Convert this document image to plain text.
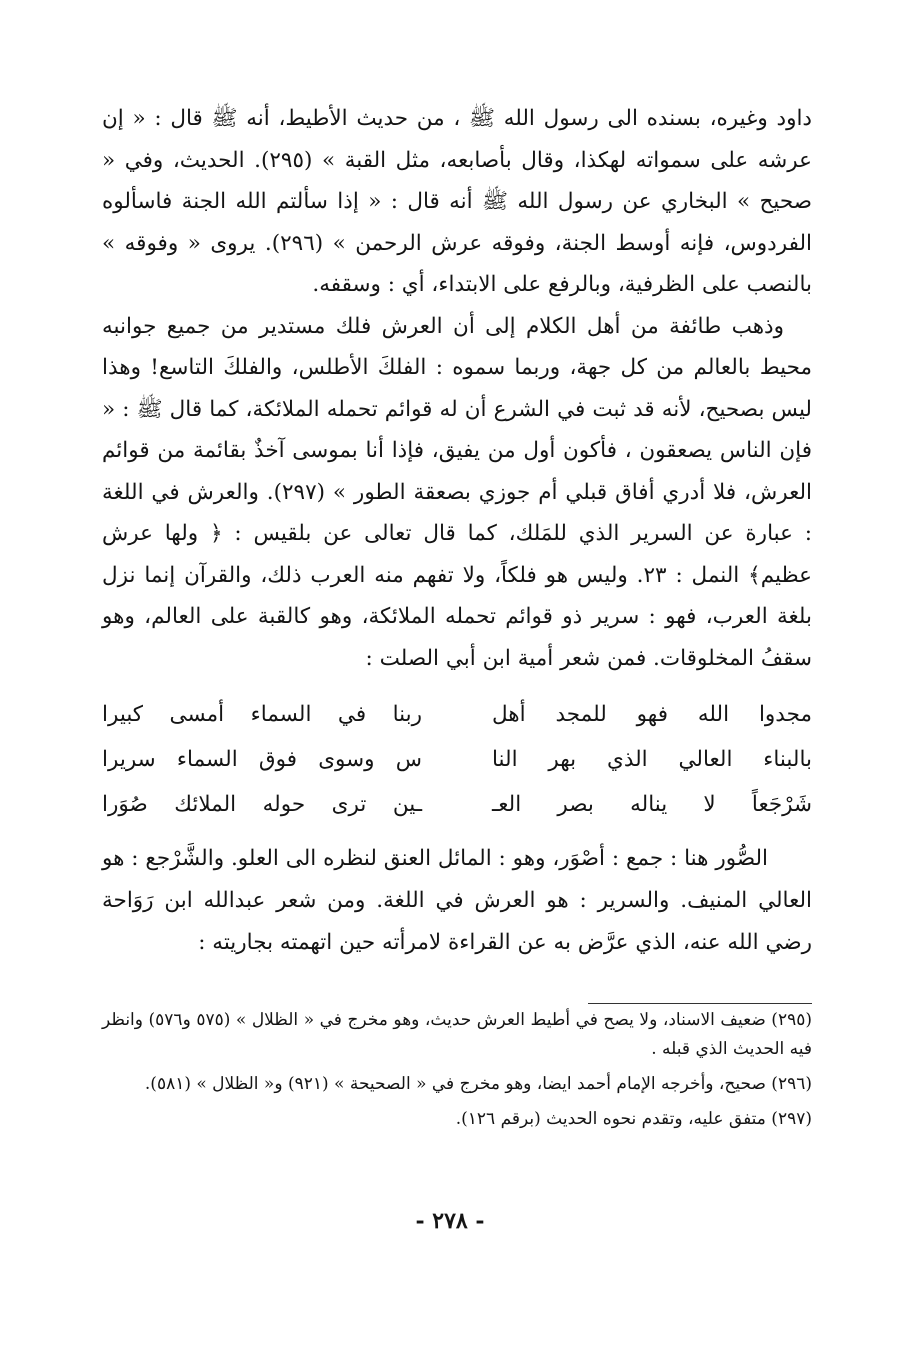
داود وغيره، بسنده الى رسول الله ﷺ ، من حديث الأطيط، أنه ﷺ قال : « إن عرشه على سمواته لهكذا، وقال بأصابعه، مثل القبة » (٢٩٥). الحديث، وفي « صحيح » البخاري عن رسول الله ﷺ أنه قال : « إذا سألتم الله الجنة فاسألوه الفردوس، فإنه أوسط الجنة، وفوقه عرش الرحمن » (٢٩٦). يروى « وفوقه » بالنصب على الظرفية، وبالرفع على الابتداء، أي : وسقفه.

وذهب طائفة من أهل الكلام إلى أن العرش فلك مستدير من جميع جوانبه محيط بالعالم من كل جهة، وربما سموه : الفلكَ الأطلس، والفلكَ التاسع! وهذا ليس بصحيح، لأنه قد ثبت في الشرع أن له قوائم تحمله الملائكة، كما قال ﷺ : « فإن الناس يصعقون ، فأكون أول من يفيق، فإذا أنا بموسى آخذٌ بقائمة من قوائم العرش، فلا أدري أفاق قبلي أم جوزي بصعقة الطور » (٢٩٧). والعرش في اللغة : عبارة عن السرير الذي للمَلك، كما قال تعالى عن بلقيس : ﴿ ولها عرش عظيم﴾ النمل : ٢٣. وليس هو فلكاً، ولا تفهم منه العرب ذلك، والقرآن إنما نزل بلغة العرب، فهو : سرير ذو قوائم تحمله الملائكة، وهو كالقبة على العالم، وهو سقفُ المخلوقات. فمن شعر أمية ابن أبي الصلت :

مجدوا الله فهو للمجد أهل
ربنا في السماء أمسى كبيرا
بالبناء العالي الذي بهر النا
س وسوى فوق السماء سريرا
شَرْجَعاً لا يناله بصر العـ
ـين ترى حوله الملائك صُوَرا

الصُّور هنا : جمع : أصْوَر، وهو : المائل العنق لنظره الى العلو. والشَّرْجع : هو العالي المنيف. والسرير : هو العرش في اللغة. ومن شعر عبدالله ابن رَوَاحة رضي الله عنه، الذي عرَّض به عن القراءة لامرأته حين اتهمته بجاريته :

(٢٩٥) ضعيف الاسناد، ولا يصح في أطيط العرش حديث، وهو مخرج في « الظلال » (٥٧٥ و٥٧٦) وانظر فيه الحديث الذي قبله .

(٢٩٦) صحيح، وأخرجه الإمام أحمد ايضا، وهو مخرج في « الصحيحة » (٩٢١) و« الظلال » (٥٨١).

(٢٩٧) متفق عليه، وتقدم نحوه الحديث (برقم ١٢٦).

- ٢٧٨ -
